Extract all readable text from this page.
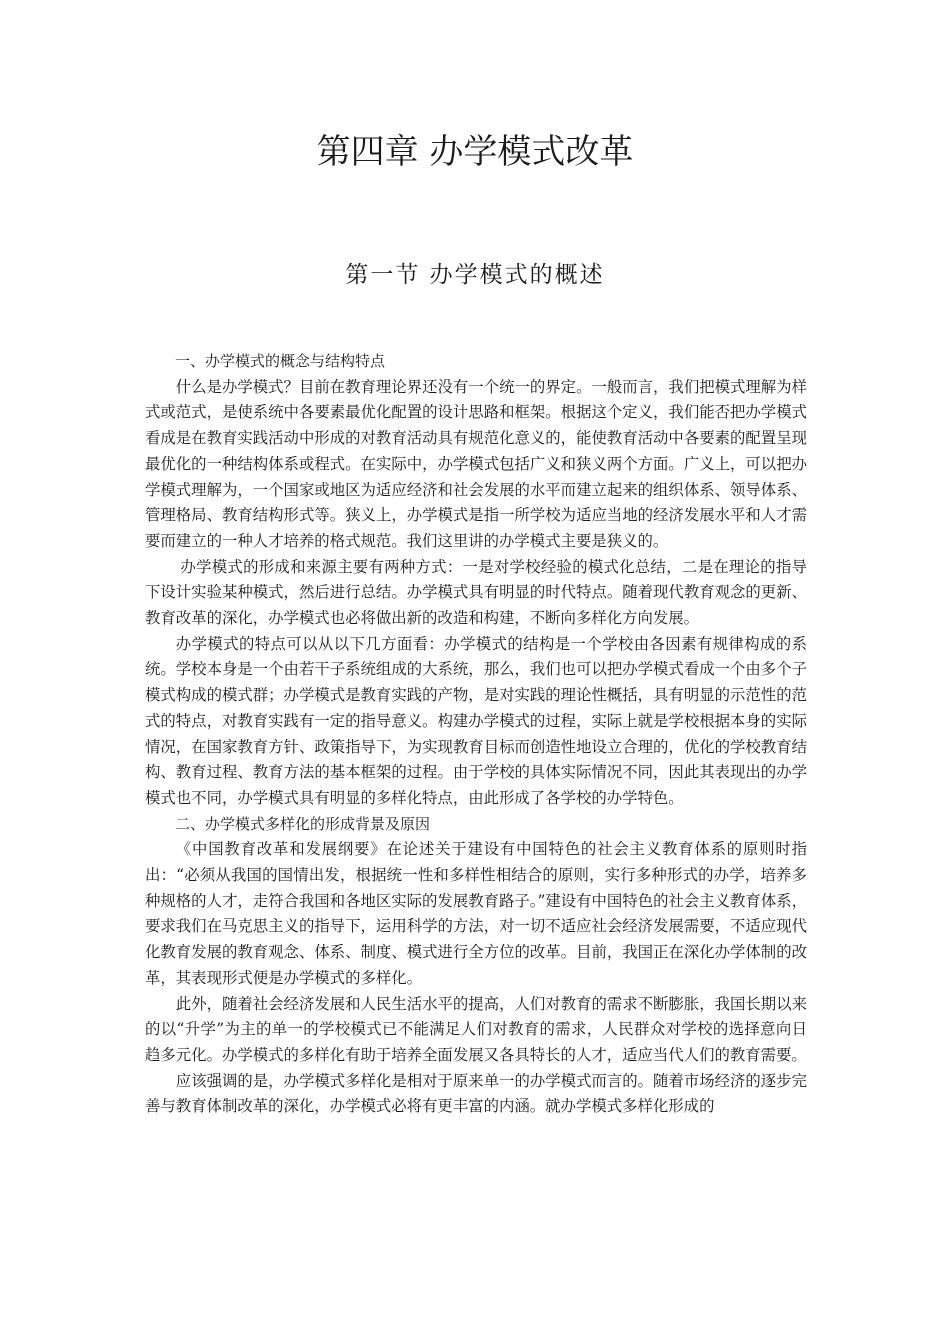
第四章 办学模式改革
第一节 办学模式的概述

一、办学模式的概念与结构特点

什么是办学模式？目前在教育理论界还没有一个统一的界定。一般而言，我们把模式理解为样式或范式，是使系统中各要素最优化配置的设计思路和框架。根据这个定义，我们能否把办学模式看成是在教育实践活动中形成的对教育活动具有规范化意义的，能使教育活动中各要素的配置呈现最优化的一种结构体系或程式。在实际中，办学模式包括广义和狭义两个方面。广义上，可以把办学模式理解为，一个国家或地区为适应经济和社会发展的水平而建立起来的组织体系、领导体系、管理格局、教育结构形式等。狭义上，办学模式是指一所学校为适应当地的经济发展水平和人才需要而建立的一种人才培养的格式规范。我们这里讲的办学模式主要是狭义的。

办学模式的形成和来源主要有两种方式：一是对学校经验的模式化总结，二是在理论的指导下设计实验某种模式，然后进行总结。办学模式具有明显的时代特点。随着现代教育观念的更新、教育改革的深化，办学模式也必将做出新的改造和构建，不断向多样化方向发展。

办学模式的特点可以从以下几方面看：办学模式的结构是一个学校由各因素有规律构成的系统。学校本身是一个由若干子系统组成的大系统，那么，我们也可以把办学模式看成一个由多个子模式构成的模式群；办学模式是教育实践的产物，是对实践的理论性概括，具有明显的示范性的范式的特点，对教育实践有一定的指导意义。构建办学模式的过程，实际上就是学校根据本身的实际情况，在国家教育方针、政策指导下，为实现教育目标而创造性地设立合理的，优化的学校教育结构、教育过程、教育方法的基本框架的过程。由于学校的具体实际情况不同，因此其表现出的办学模式也不同，办学模式具有明显的多样化特点，由此形成了各学校的办学特色。

二、办学模式多样化的形成背景及原因

《中国教育改革和发展纲要》在论述关于建设有中国特色的社会主义教育体系的原则时指出：“必须从我国的国情出发，根据统一性和多样性相结合的原则，实行多种形式的办学，培养多种规格的人才，走符合我国和各地区实际的发展教育路子。”建设有中国特色的社会主义教育体系，要求我们在马克思主义的指导下，运用科学的方法，对一切不适应社会经济发展需要，不适应现代化教育发展的教育观念、体系、制度、模式进行全方位的改革。目前，我国正在深化办学体制的改革，其表现形式便是办学模式的多样化。

此外，随着社会经济发展和人民生活水平的提高，人们对教育的需求不断膨胀，我国长期以来的以“升学”为主的单一的学校模式已不能满足人们对教育的需求，人民群众对学校的选择意向日趋多元化。办学模式的多样化有助于培养全面发展又各具特长的人才，适应当代人们的教育需要。

应该强调的是，办学模式多样化是相对于原来单一的办学模式而言的。随着市场经济的逐步完善与教育体制改革的深化，办学模式必将有更丰富的内涵。就办学模式多样化形成的
